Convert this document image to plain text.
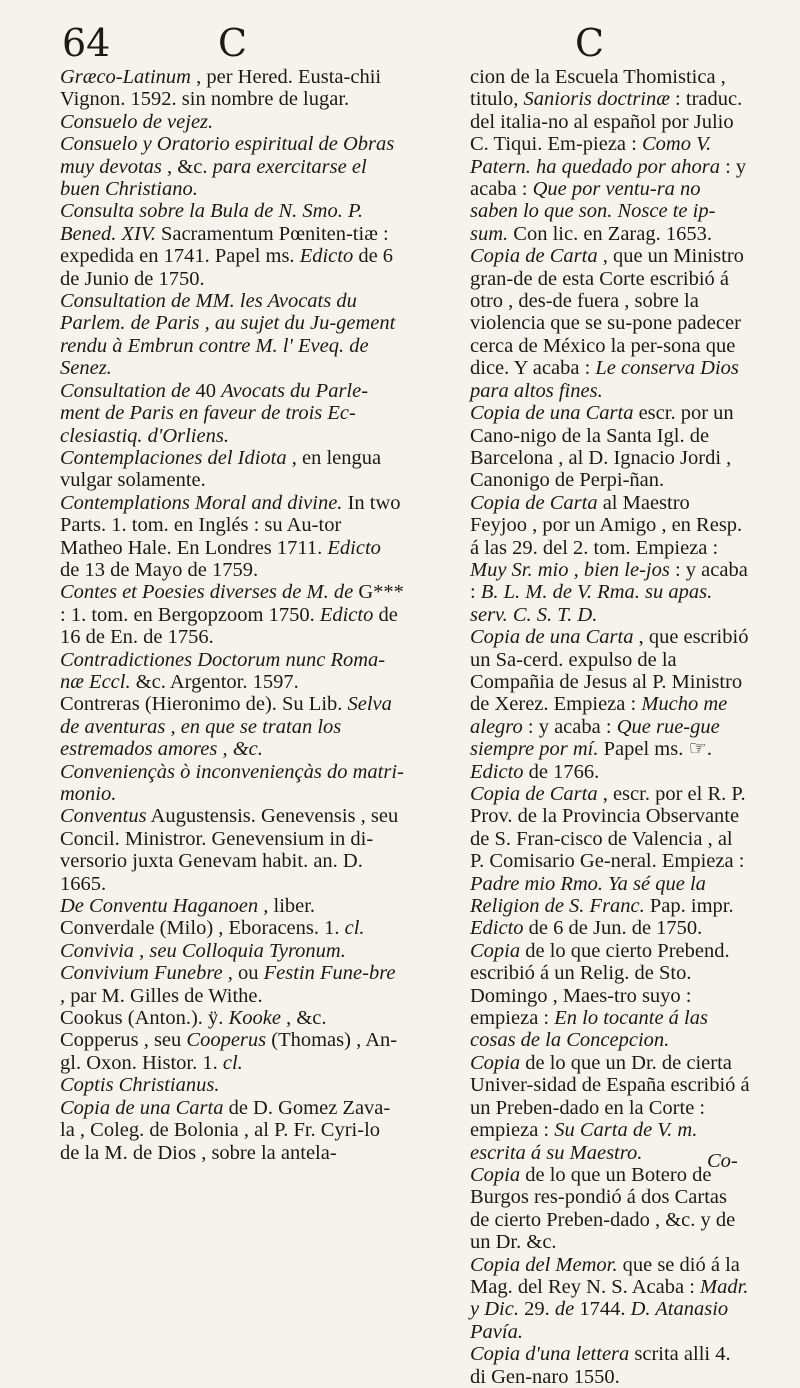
64	C	C

Græco-Latinum , per Hered. Eusta-chii Vignon. 1592. sin nombre de lugar.

Consuelo de vejez.

Consuelo y Oratorio espiritual de Obras muy devotas , &c. para exercitarse el buen Christiano.

Consulta sobre la Bula de N. Smo. P. Bened. XIV. Sacramentum Pœniten-tiæ : expedida en 1741. Papel ms. Edicto de 6 de Junio de 1750.

Consultation de MM. les Avocats du Parlem. de Paris , au sujet du Ju-gement rendu à Embrun contre M. l' Eveq. de Senez.

Consultation de 40 Avocats du Parle-ment de Paris en faveur de trois Ec-clesiastiq. d'Orliens.

Contemplaciones del Idiota , en lengua vulgar solamente.

Contemplations Moral and divine. In two Parts. 1. tom. en Inglés : su Au-tor Matheo Hale. En Londres 1711. Edicto de 13 de Mayo de 1759.

Contes et Poesies diverses de M. de G*** : 1. tom. en Bergopzoom 1750. Edicto de 16 de En. de 1756.

Contradictiones Doctorum nunc Roma-næ Eccl. &c. Argentor. 1597.

Contreras (Hieronimo de). Su Lib. Selva de aventuras , en que se tratan los estremados amores , &c.

Conveniençàs ò inconveniençàs do matri-monio.

Conventus Augustensis. Genevensis , seu Concil. Ministror. Genevensium in di-versorio juxta Genevam habit. an. D. 1665.

De Conventu Haganoen , liber.

Converdale (Milo) , Eboracens. 1. cl.

Convivia , seu Colloquia Tyronum.

Convivium Funebre , ou Festin Fune-bre , par M. Gilles de Withe.

Cookus (Anton.). ÿ. Kooke , &c.

Copperus , seu Cooperus (Thomas) , An-gl. Oxon. Histor. 1. cl.

Coptis Christianus.

Copia de una Carta de D. Gomez Zava-la , Coleg. de Bolonia , al P. Fr. Cyri-lo de la M. de Dios , sobre la antela-

cion de la Escuela Thomistica , titulo, Sanioris doctrinæ : traduc. del italia-no al español por Julio C. Tiqui. Em-pieza : Como V. Patern. ha quedado por ahora : y acaba : Que por ventu-ra no saben lo que son. Nosce te ip-sum. Con lic. en Zarag. 1653.

Copia de Carta , que un Ministro gran-de de esta Corte escribió á otro , des-de fuera , sobre la violencia que se su-pone padecer cerca de México la per-sona que dice. Y acaba : Le conserva Dios para altos fines.

Copia de una Carta escr. por un Cano-nigo de la Santa Igl. de Barcelona , al D. Ignacio Jordi , Canonigo de Perpi-ñan.

Copia de Carta al Maestro Feyjoo , por un Amigo , en Resp. á las 29. del 2. tom. Empieza : Muy Sr. mio , bien le-jos : y acaba : B. L. M. de V. Rma. su apas. serv. C. S. T. D.

Copia de una Carta , que escribió un Sa-cerd. expulso de la Compañia de Jesus al P. Ministro de Xerez. Empieza : Mucho me alegro : y acaba : Que rue-gue siempre por mí. Papel ms. ☞. Edicto de 1766.

Copia de Carta , escr. por el R. P. Prov. de la Provincia Observante de S. Fran-cisco de Valencia , al P. Comisario Ge-neral. Empieza : Padre mio Rmo. Ya sé que la Religion de S. Franc. Pap. impr. Edicto de 6 de Jun. de 1750.

Copia de lo que cierto Prebend. escribió á un Relig. de Sto. Domingo , Maes-tro suyo : empieza : En lo tocante á las cosas de la Concepcion.

Copia de lo que un Dr. de cierta Univer-sidad de España escribió á un Preben-dado en la Corte : empieza : Su Carta de V. m. escrita á su Maestro.

Copia de lo que un Botero de Burgos res-pondió á dos Cartas de cierto Preben-dado , &c. y de un Dr. &c.

Copia del Memor. que se dió á la Mag. del Rey N. S. Acaba : Madr. y Dic. 29. de 1744. D. Atanasio Pavía.

Copia d'una lettera scrita alli 4. di Gen-naro 1550.

Co-
